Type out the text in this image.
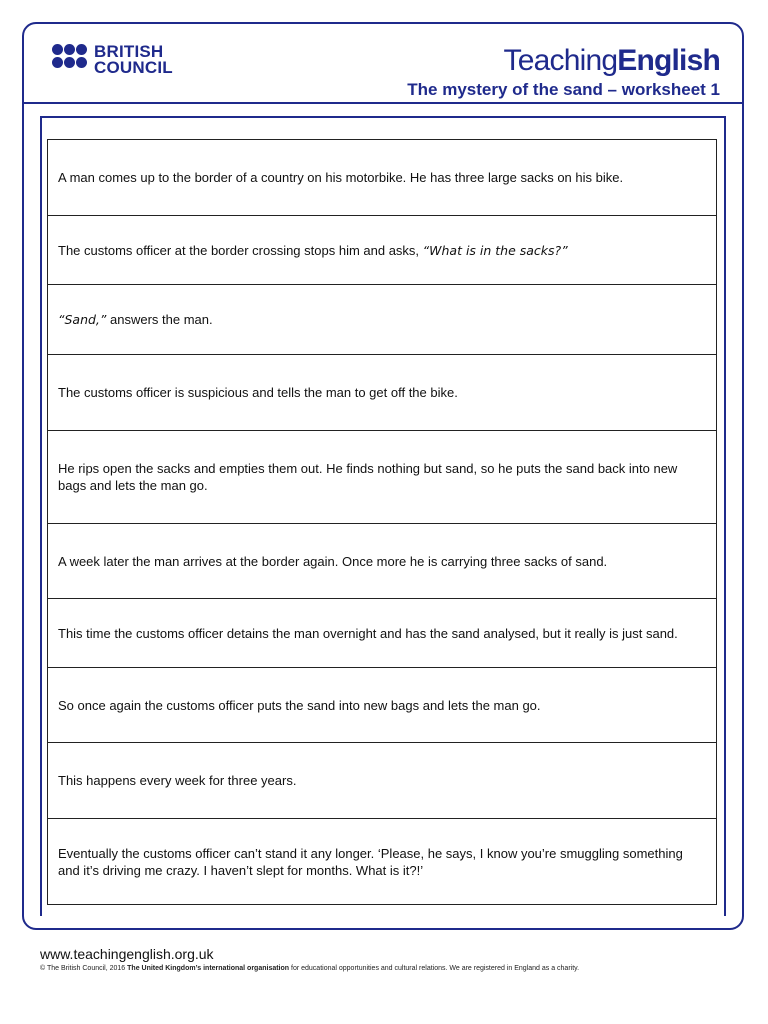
BRITISH
COUNCIL	TeachingEnglish
The mystery of the sand – worksheet 1
A man comes up to the border of a country on his motorbike. He has three large sacks on his bike.
The customs officer at the border crossing stops him and asks, “What is in the sacks?”
“Sand,” answers the man.
The customs officer is suspicious and tells the man to get off the bike.
He rips open the sacks and empties them out. He finds nothing but sand, so he puts the sand back into new bags and lets the man go.
A week later the man arrives at the border again. Once more he is carrying three sacks of sand.
This time the customs officer detains the man overnight and has the sand analysed, but it really is just sand.
So once again the customs officer puts the sand into new bags and lets the man go.
This happens every week for three years.
Eventually the customs officer can’t stand it any longer. ‘Please, he says, I know you’re smuggling something and it’s driving me crazy. I haven’t slept for months. What is it?!’
www.teachingenglish.org.uk
© The British Council, 2016 The United Kingdom’s international organisation for educational opportunities and cultural relations. We are registered in England as a charity.
